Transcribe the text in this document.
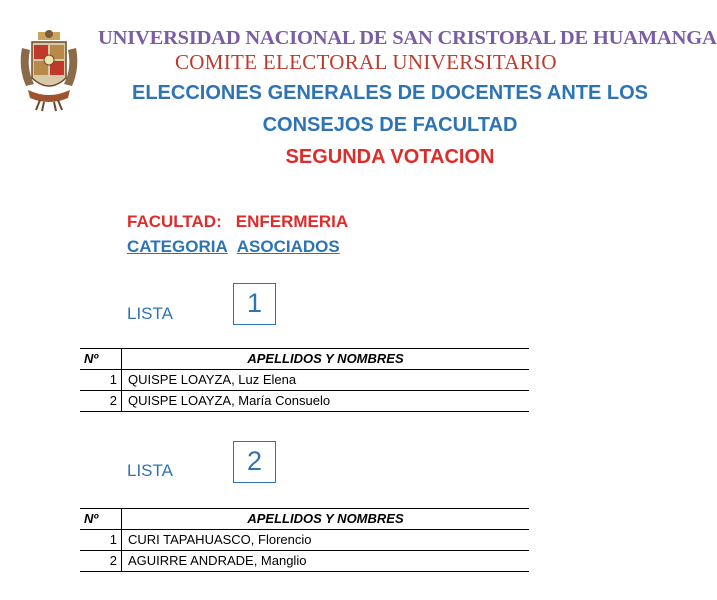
UNIVERSIDAD NACIONAL DE SAN CRISTOBAL DE HUAMANGA
COMITE ELECTORAL UNIVERSITARIO
ELECCIONES GENERALES DE DOCENTES ANTE LOS
CONSEJOS DE FACULTAD
SEGUNDA VOTACION
FACULTAD: ENFERMERIA
CATEGORIA ASOCIADOS
LISTA	1
Nº	APELLIDOS Y NOMBRES
1	QUISPE LOAYZA, Luz Elena
2	QUISPE LOAYZA, María Consuelo
LISTA	2
Nº	APELLIDOS Y NOMBRES
1	CURI TAPAHUASCO, Florencio
2	AGUIRRE ANDRADE, Manglio
